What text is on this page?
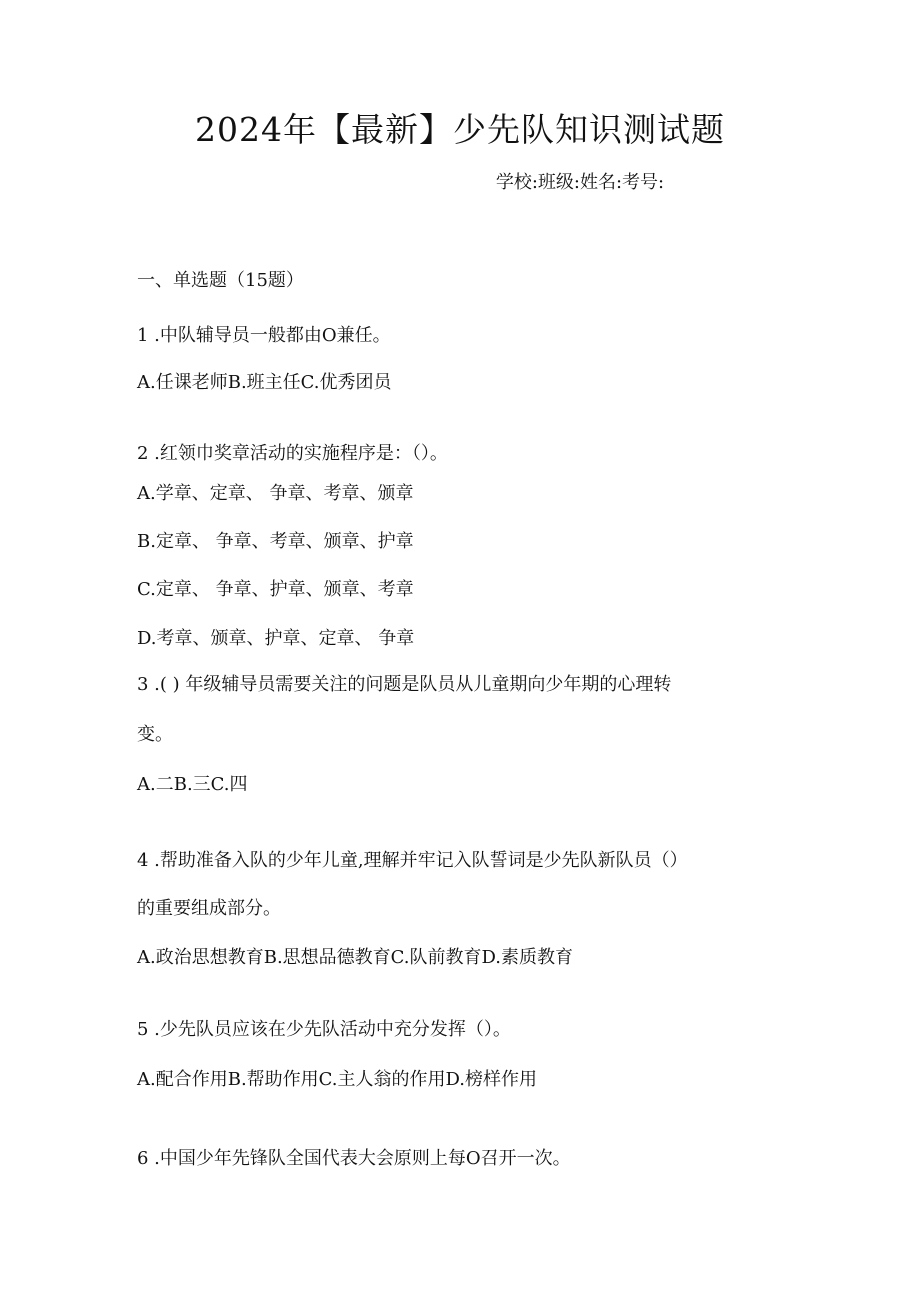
2024年【最新】少先队知识测试题
学校:班级:姓名:考号:
一、单选题（15题）
1 .中队辅导员一般都由O兼任。
A.任课老师B.班主任C.优秀团员
2 .红领巾奖章活动的实施程序是：（）。
A.学章、定章、 争章、考章、颁章
B.定章、 争章、考章、颁章、护章
C.定章、 争章、护章、颁章、考章
D.考章、颁章、护章、定章、 争章
3 .( ) 年级辅导员需要关注的问题是队员从儿童期向少年期的心理转
变。
A.二B.三C.四
4 .帮助准备入队的少年儿童,理解并牢记入队誓词是少先队新队员（）
的重要组成部分。
A.政治思想教育B.思想品德教育C.队前教育D.素质教育
5 .少先队员应该在少先队活动中充分发挥（）。
A.配合作用B.帮助作用C.主人翁的作用D.榜样作用
6 .中国少年先锋队全国代表大会原则上每O召开一次。
